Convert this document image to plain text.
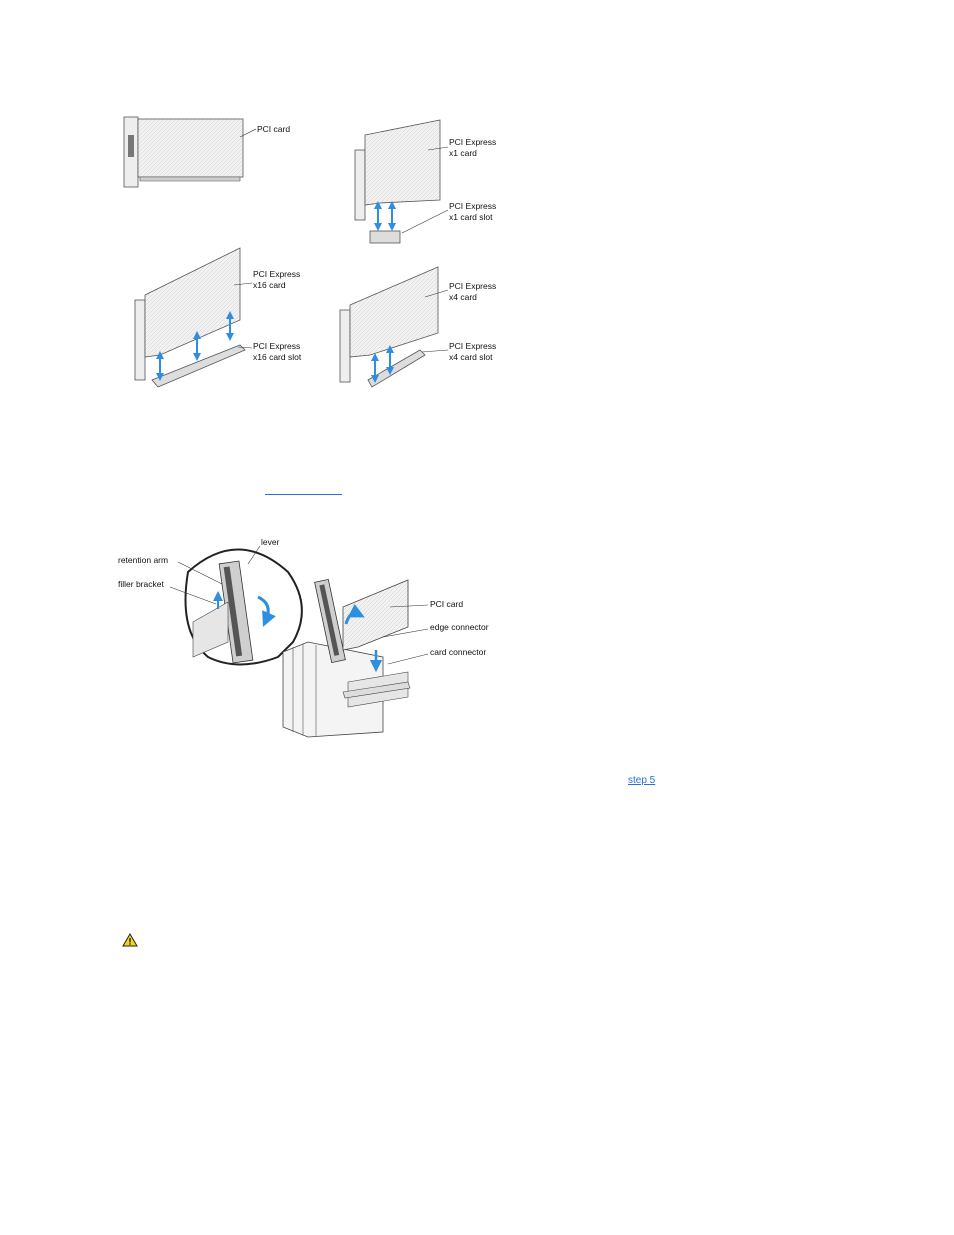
PCI card
PCI Express
x1 card
PCI Express
x1 card slot
PCI Express
x16 card
PCI Express
x16 card slot
PCI Express
x4 card
PCI Express
x4 card slot
lever
retention arm
filler bracket
PCI card
edge connector
card connector
step 5
